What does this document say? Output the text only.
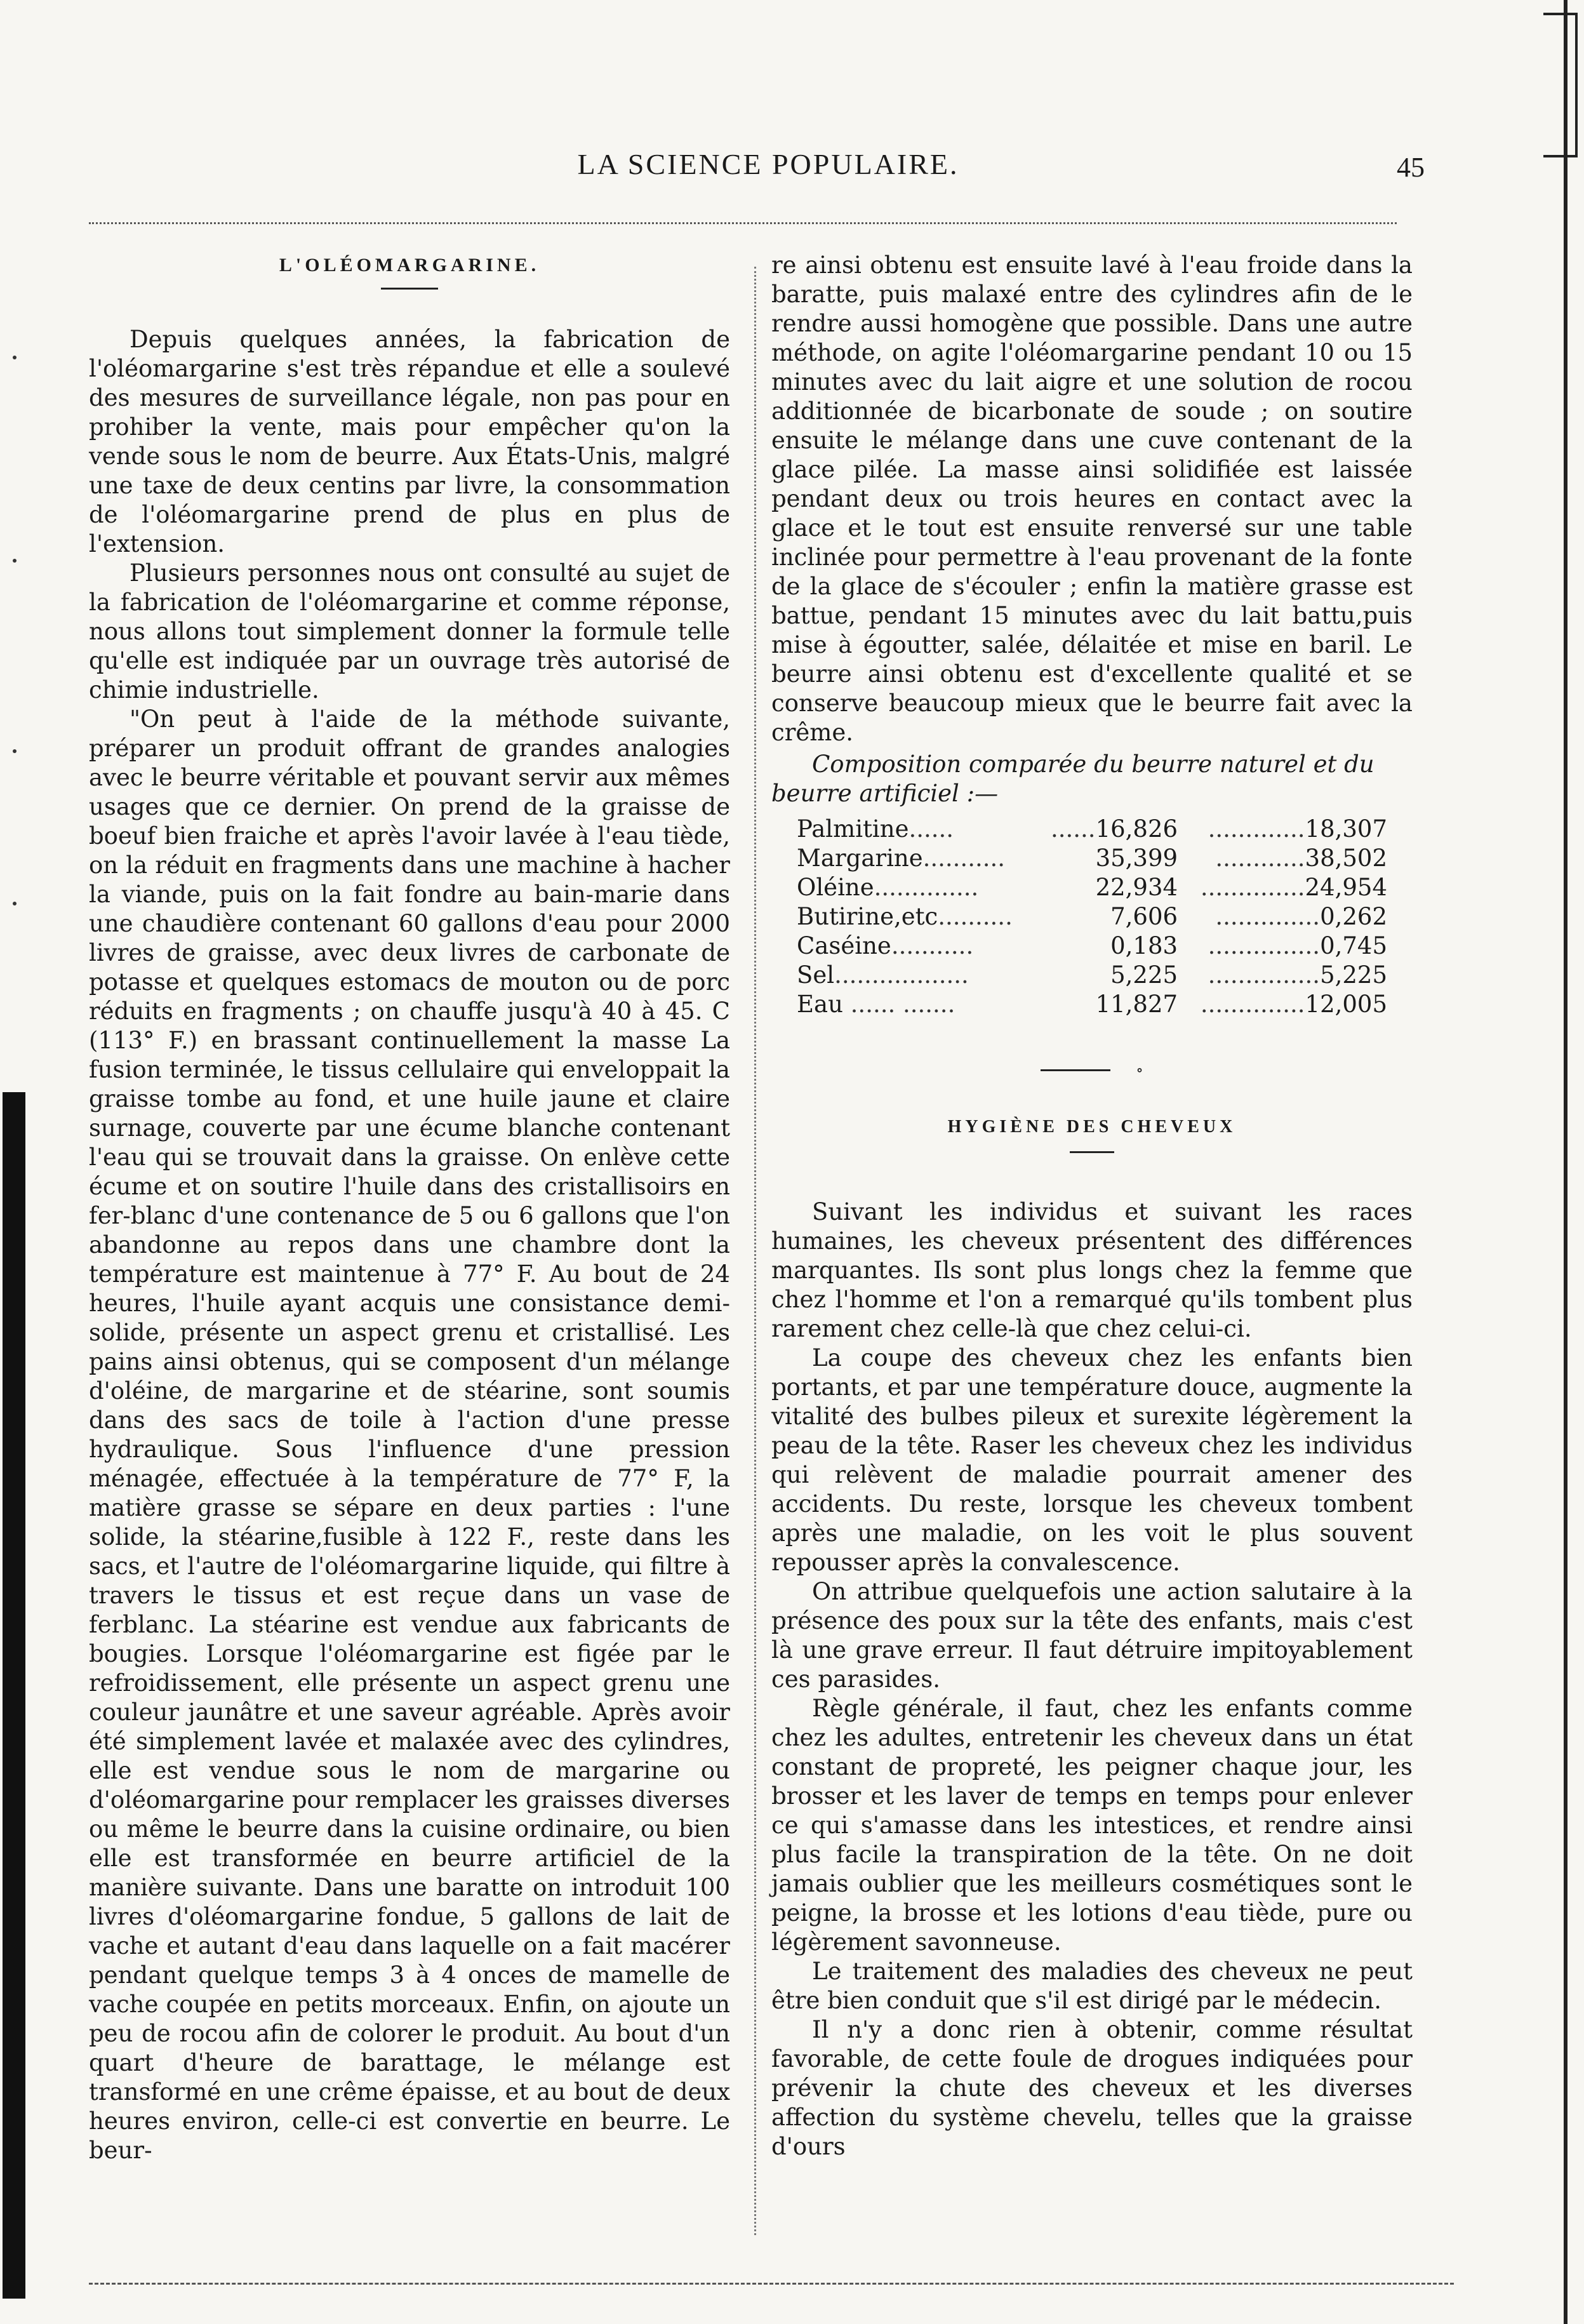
LA SCIENCE POPULAIRE.	45
L'OLÉOMARGARINE.

Depuis quelques années, la fabrication de l'oléomargarine s'est très répandue et elle a soulevé des mesures de surveillance légale, non pas pour en prohiber la vente, mais pour empêcher qu'on la vende sous le nom de beurre. Aux États-Unis, malgré une taxe de deux centins par livre, la consommation de l'oléomargarine prend de plus en plus de l'extension.

Plusieurs personnes nous ont consulté au sujet de la fabrication de l'oléomargarine et comme réponse, nous allons tout simplement donner la formule telle qu'elle est indiquée par un ouvrage très autorisé de chimie industrielle.

"On peut à l'aide de la méthode suivante, préparer un produit offrant de grandes analogies avec le beurre véritable et pouvant servir aux mêmes usages que ce dernier. On prend de la graisse de boeuf bien fraiche et après l'avoir lavée à l'eau tiède, on la réduit en fragments dans une machine à hacher la viande, puis on la fait fondre au bain-marie dans une chaudière contenant 60 gallons d'eau pour 2000 livres de graisse, avec deux livres de carbonate de potasse et quelques estomacs de mouton ou de porc réduits en fragments ; on chauffe jusqu'à 40 à 45. C (113° F.) en brassant continuellement la masse La fusion terminée, le tissus cellulaire qui enveloppait la graisse tombe au fond, et une huile jaune et claire surnage, couverte par une écume blanche contenant l'eau qui se trouvait dans la graisse. On enlève cette écume et on soutire l'huile dans des cristallisoirs en fer-blanc d'une contenance de 5 ou 6 gallons que l'on abandonne au repos dans une chambre dont la température est maintenue à 77° F. Au bout de 24 heures, l'huile ayant acquis une consistance demi-solide, présente un aspect grenu et cristallisé. Les pains ainsi obtenus, qui se composent d'un mélange d'oléine, de margarine et de stéarine, sont soumis dans des sacs de toile à l'action d'une presse hydraulique. Sous l'influence d'une pression ménagée, effectuée à la température de 77° F, la matière grasse se sépare en deux parties : l'une solide, la stéarine,fusible à 122 F., reste dans les sacs, et l'autre de l'oléomargarine liquide, qui filtre à travers le tissus et est reçue dans un vase de ferblanc. La stéarine est vendue aux fabricants de bougies. Lorsque l'oléomargarine est figée par le refroidissement, elle présente un aspect grenu une couleur jaunâtre et une saveur agréable. Après avoir été simplement lavée et malaxée avec des cylindres, elle est vendue sous le nom de margarine ou d'oléomargarine pour remplacer les graisses diverses ou même le beurre dans la cuisine ordinaire, ou bien elle est transformée en beurre artificiel de la manière suivante. Dans une baratte on introduit 100 livres d'oléomargarine fondue, 5 gallons de lait de vache et autant d'eau dans laquelle on a fait macérer pendant quelque temps 3 à 4 onces de mamelle de vache coupée en petits morceaux. Enfin, on ajoute un peu de rocou afin de colorer le produit. Au bout d'un quart d'heure de barattage, le mélange est transformé en une crême épaisse, et au bout de deux heures environ, celle-ci est convertie en beurre. Le beur-

re ainsi obtenu est ensuite lavé à l'eau froide dans la baratte, puis malaxé entre des cylindres afin de le rendre aussi homogène que possible. Dans une autre méthode, on agite l'oléomargarine pendant 10 ou 15 minutes avec du lait aigre et une solution de rocou additionnée de bicarbonate de soude ; on soutire ensuite le mélange dans une cuve contenant de la glace pilée. La masse ainsi solidifiée est laissée pendant deux ou trois heures en contact avec la glace et le tout est ensuite renversé sur une table inclinée pour permettre à l'eau provenant de la fonte de la glace de s'écouler ; enfin la matière grasse est battue, pendant 15 minutes avec du lait battu,puis mise à égoutter, salée, délaitée et mise en baril. Le beurre ainsi obtenu est d'excellente qualité et se conserve beaucoup mieux que le beurre fait avec la crême.

Composition comparée du beurre naturel et du beurre artificiel :—
Palmitine......	......16,826	.............18,307
Margarine...........	35,399	............38,502
Oléine..............	22,934	..............24,954
Butirine,etc..........	7,606	..............0,262
Caséine...........	0,183	...............0,745
Sel..................	5,225	...............5,225
Eau ...... .......	11,827	..............12,005
∘
HYGIÈNE DES CHEVEUX

Suivant les individus et suivant les races humaines, les cheveux présentent des différences marquantes. Ils sont plus longs chez la femme que chez l'homme et l'on a remarqué qu'ils tombent plus rarement chez celle-là que chez celui-ci.

La coupe des cheveux chez les enfants bien portants, et par une température douce, augmente la vitalité des bulbes pileux et surexite légèrement la peau de la tête. Raser les cheveux chez les individus qui relèvent de maladie pourrait amener des accidents. Du reste, lorsque les cheveux tombent après une maladie, on les voit le plus souvent repousser après la convalescence.

On attribue quelquefois une action salutaire à la présence des poux sur la tête des enfants, mais c'est là une grave erreur. Il faut détruire impitoyablement ces parasides.

Règle générale, il faut, chez les enfants comme chez les adultes, entretenir les cheveux dans un état constant de propreté, les peigner chaque jour, les brosser et les laver de temps en temps pour enlever ce qui s'amasse dans les intestices, et rendre ainsi plus facile la transpiration de la tête. On ne doit jamais oublier que les meilleurs cosmétiques sont le peigne, la brosse et les lotions d'eau tiède, pure ou légèrement savonneuse.

Le traitement des maladies des cheveux ne peut être bien conduit que s'il est dirigé par le médecin.

Il n'y a donc rien à obtenir, comme résultat favorable, de cette foule de drogues indiquées pour prévenir la chute des cheveux et les diverses affection du système chevelu, telles que la graisse d'ours
